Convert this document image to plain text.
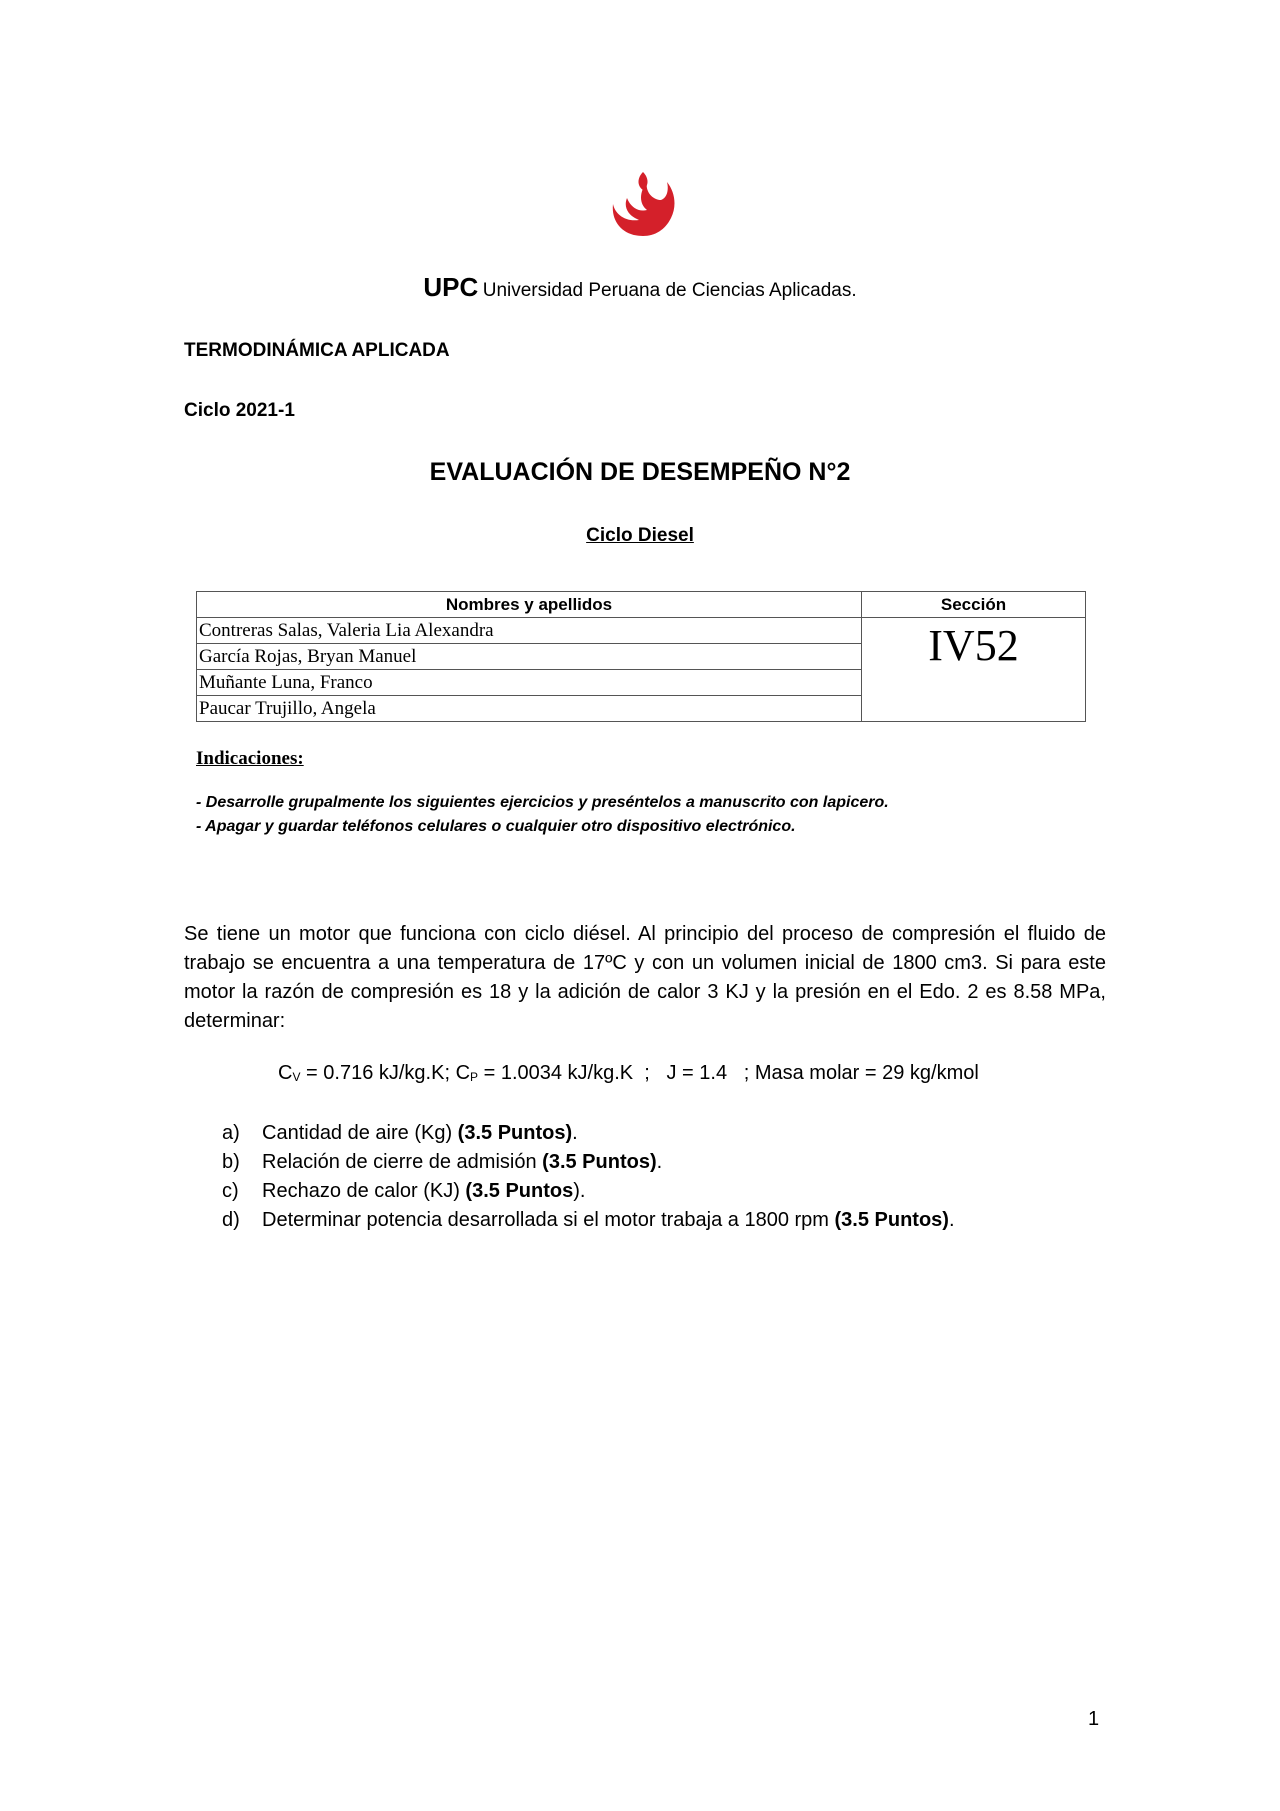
UPC Universidad Peruana de Ciencias Aplicadas.
TERMODINÁMICA APLICADA
Ciclo 2021-1
EVALUACIÓN DE DESEMPEÑO N°2
Ciclo Diesel
Nombres y apellidos	Sección
Contreras Salas, Valeria Lia Alexandra	IV52
García Rojas, Bryan Manuel	
Muñante Luna, Franco	
Paucar Trujillo, Angela	
Indicaciones:
- Desarrolle grupalmente los siguientes ejercicios y preséntelos a manuscrito con lapicero.
- Apagar y guardar teléfonos celulares o cualquier otro dispositivo electrónico.
Se tiene un motor que funciona con ciclo diésel. Al principio del proceso de compresión el fluido de trabajo se encuentra a una temperatura de 17ºC y con un volumen inicial de 1800 cm3. Si para este motor la razón de compresión es 18 y la adición de calor 3 KJ y la presión en el Edo. 2 es 8.58 MPa, determinar:
$C_V = 0.716$ kJ/kg.K; $C_P = 1.0034$ kJ/kg.K  ;   J = 1.4   ; Masa molar = 29 kg/kmol
a)	Cantidad de aire (Kg) (3.5 Puntos).
b)	Relación de cierre de admisión (3.5 Puntos).
c)	Rechazo de calor (KJ) (3.5 Puntos).
d)	Determinar potencia desarrollada si el motor trabaja a 1800 rpm (3.5 Puntos).
1
